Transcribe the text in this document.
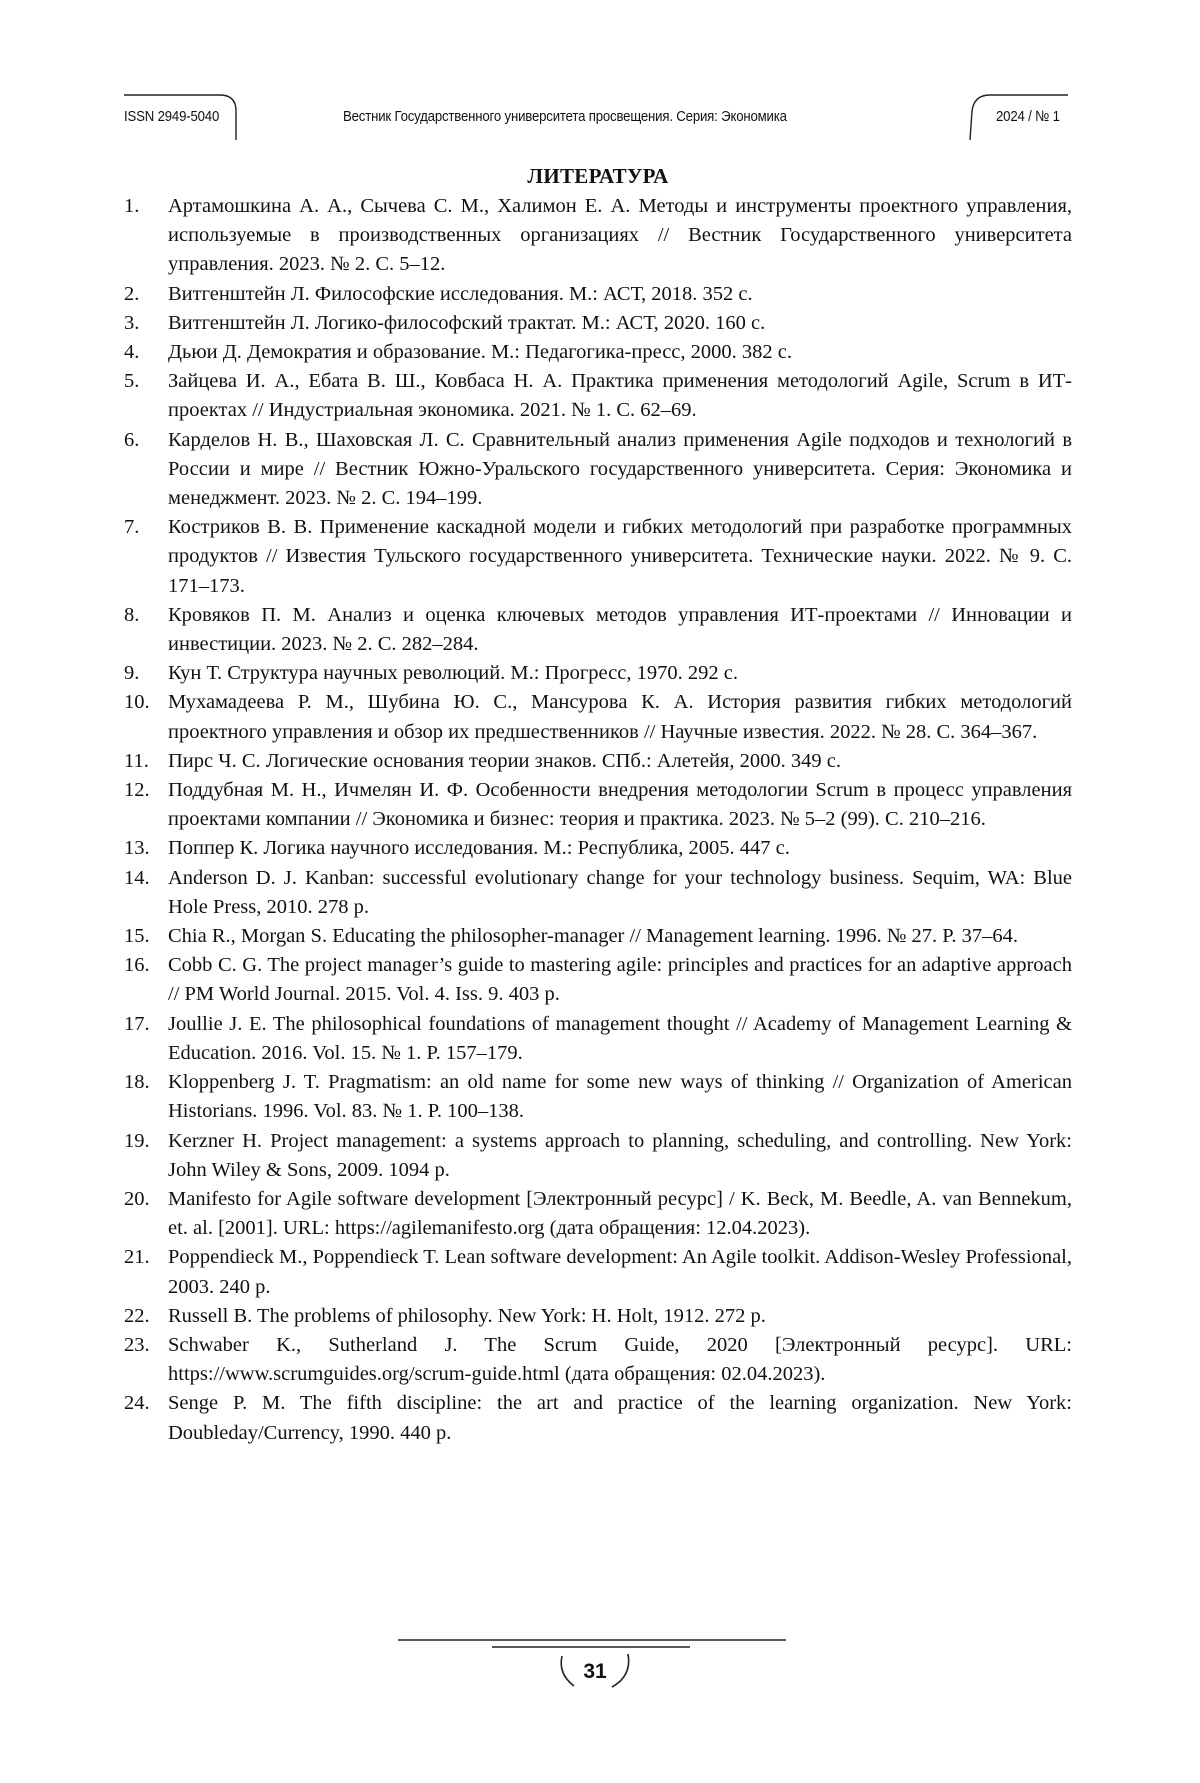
ISSN 2949-5040	Вестник Государственного университета просвещения. Серия: Экономика	2024 / № 1
ЛИТЕРАТУРА
1.	Артамошкина А. А., Сычева С. М., Халимон Е. А. Методы и инструменты проектного управления, используемые в производственных организациях // Вестник Государственного университета управления. 2023. № 2. С. 5–12.
2.	Витгенштейн Л. Философские исследования. М.: АСТ, 2018. 352 с.
3.	Витгенштейн Л. Логико-философский трактат. М.: АСТ, 2020. 160 с.
4.	Дьюи Д. Демократия и образование. М.: Педагогика-пресс, 2000. 382 с.
5.	Зайцева И. А., Ебата В. Ш., Ковбаса Н. А. Практика применения методологий Agile, Scrum в ИТ-проектах // Индустриальная экономика. 2021. № 1. С. 62–69.
6.	Карделов Н. В., Шаховская Л. С. Сравнительный анализ применения Agile подходов и технологий в России и мире // Вестник Южно-Уральского государственного университета. Серия: Экономика и менеджмент. 2023. № 2. С. 194–199.
7.	Костриков В. В. Применение каскадной модели и гибких методологий при разработке программных продуктов // Известия Тульского государственного университета. Технические науки. 2022. № 9. С. 171–173.
8.	Кровяков П. М. Анализ и оценка ключевых методов управления ИТ-проектами // Инновации и инвестиции. 2023. № 2. С. 282–284.
9.	Кун Т. Структура научных революций. М.: Прогресс, 1970. 292 с.
10. Мухамадеева Р. М., Шубина Ю. С., Мансурова К. А. История развития гибких методологий проектного управления и обзор их предшественников // Научные известия. 2022. № 28. С. 364–367.
11. Пирс Ч. С. Логические основания теории знаков. СПб.: Алетейя, 2000. 349 с.
12. Поддубная М. Н., Ичмелян И. Ф. Особенности внедрения методологии Scrum в процесс управления проектами компании // Экономика и бизнес: теория и практика. 2023. № 5–2 (99). С. 210–216.
13. Поппер К. Логика научного исследования. М.: Республика, 2005. 447 с.
14. Anderson D. J. Kanban: successful evolutionary change for your technology business. Sequim, WA: Blue Hole Press, 2010. 278 p.
15. Chia R., Morgan S. Educating the philosopher-manager // Management learning. 1996. № 27. P. 37–64.
16. Cobb C. G. The project manager’s guide to mastering agile: principles and practices for an adaptive approach // PM World Journal. 2015. Vol. 4. Iss. 9. 403 p.
17. Joullie J. E. The philosophical foundations of management thought // Academy of Management Learning & Education. 2016. Vol. 15. № 1. P. 157–179.
18. Kloppenberg J. T. Pragmatism: an old name for some new ways of thinking // Organization of American Historians. 1996. Vol. 83. № 1. P. 100–138.
19. Kerzner H. Project management: a systems approach to planning, scheduling, and controlling. New York: John Wiley & Sons, 2009. 1094 p.
20. Manifesto for Agile software development [Электронный ресурс] / K. Beck, M. Beedle, A. van Bennekum, et. al. [2001]. URL: https://agilemanifesto.org (дата обращения: 12.04.2023).
21. Poppendieck M., Poppendieck T. Lean software development: An Agile toolkit. Addison-Wesley Professional, 2003. 240 p.
22. Russell B. The problems of philosophy. New York: H. Holt, 1912. 272 p.
23. Schwaber K., Sutherland J. The Scrum Guide, 2020 [Электронный ресурс]. URL: https://www.scrumguides.org/scrum-guide.html (дата обращения: 02.04.2023).
24. Senge P. M. The fifth discipline: the art and practice of the learning organization. New York: Doubleday/Currency, 1990. 440 p.
31
